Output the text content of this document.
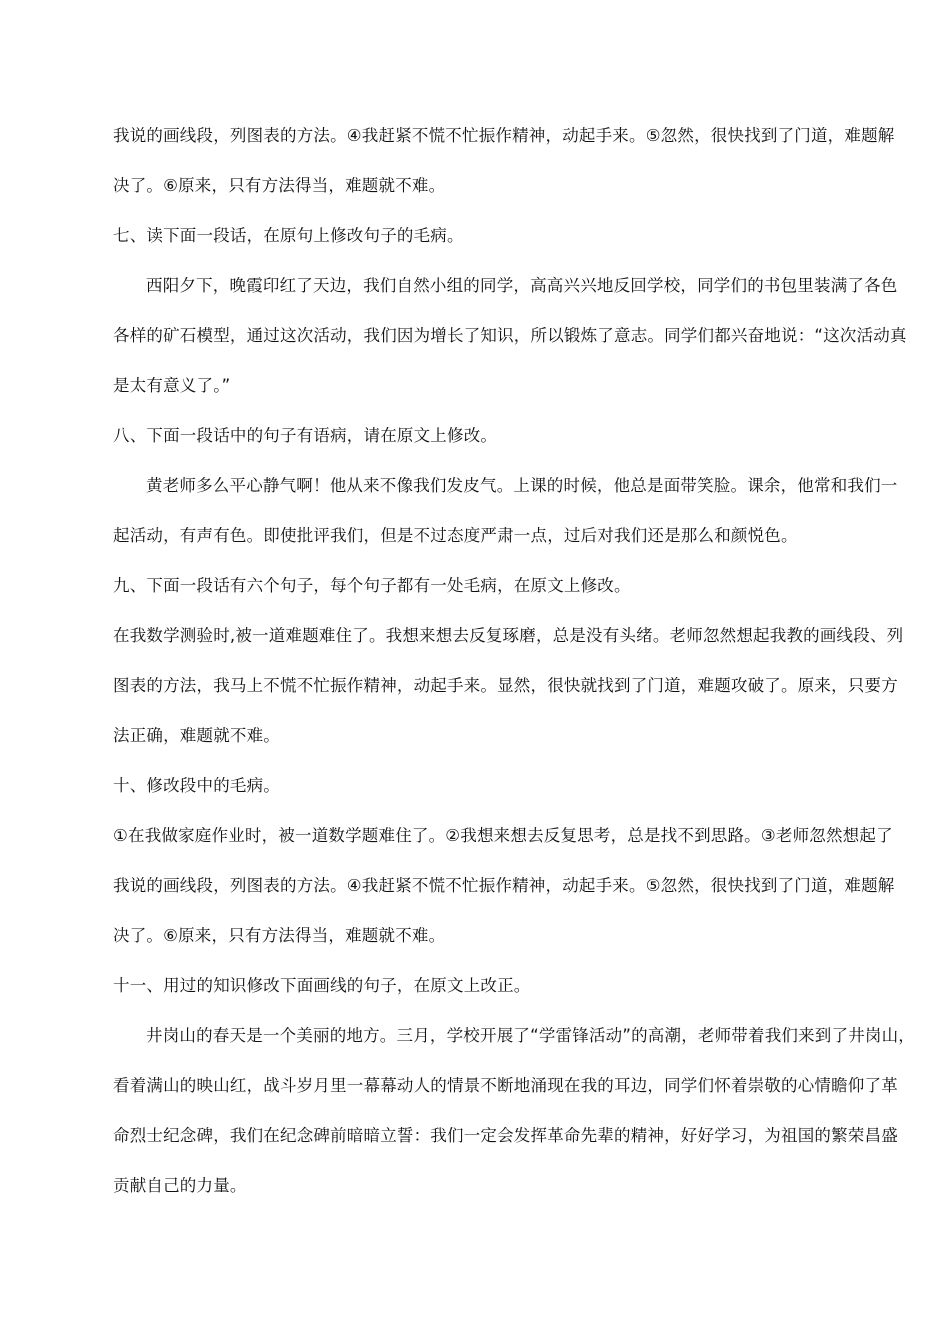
我说的画线段，列图表的方法。④我赶紧不慌不忙振作精神，动起手来。⑤忽然，很快找到了门道，难题解
决了。⑥原来，只有方法得当，难题就不难。
七、读下面一段话，在原句上修改句子的毛病。
西阳夕下，晚霞印红了天边，我们自然小组的同学，高高兴兴地反回学校，同学们的书包里装满了各色
各样的矿石模型，通过这次活动，我们因为增长了知识，所以锻炼了意志。同学们都兴奋地说：“这次活动真
是太有意义了。”
八、下面一段话中的句子有语病，请在原文上修改。
黄老师多么平心静气啊！他从来不像我们发皮气。上课的时候，他总是面带笑脸。课余，他常和我们一
起活动，有声有色。即使批评我们，但是不过态度严肃一点，过后对我们还是那么和颜悦色。
九、下面一段话有六个句子，每个句子都有一处毛病，在原文上修改。
在我数学测验时,被一道难题难住了。我想来想去反复琢磨，总是没有头绪。老师忽然想起我教的画线段、列
图表的方法，我马上不慌不忙振作精神，动起手来。显然，很快就找到了门道，难题攻破了。原来，只要方
法正确，难题就不难。
十、修改段中的毛病。
①在我做家庭作业时，被一道数学题难住了。②我想来想去反复思考，总是找不到思路。③老师忽然想起了
我说的画线段，列图表的方法。④我赶紧不慌不忙振作精神，动起手来。⑤忽然，很快找到了门道，难题解
决了。⑥原来，只有方法得当，难题就不难。
十一、用过的知识修改下面画线的句子，在原文上改正。
井岗山的春天是一个美丽的地方。三月，学校开展了“学雷锋活动”的高潮，老师带着我们来到了井岗山，
看着满山的映山红，战斗岁月里一幕幕动人的情景不断地涌现在我的耳边，同学们怀着崇敬的心情瞻仰了革
命烈士纪念碑，我们在纪念碑前暗暗立誓：我们一定会发挥革命先辈的精神，好好学习，为祖国的繁荣昌盛
贡献自己的力量。
